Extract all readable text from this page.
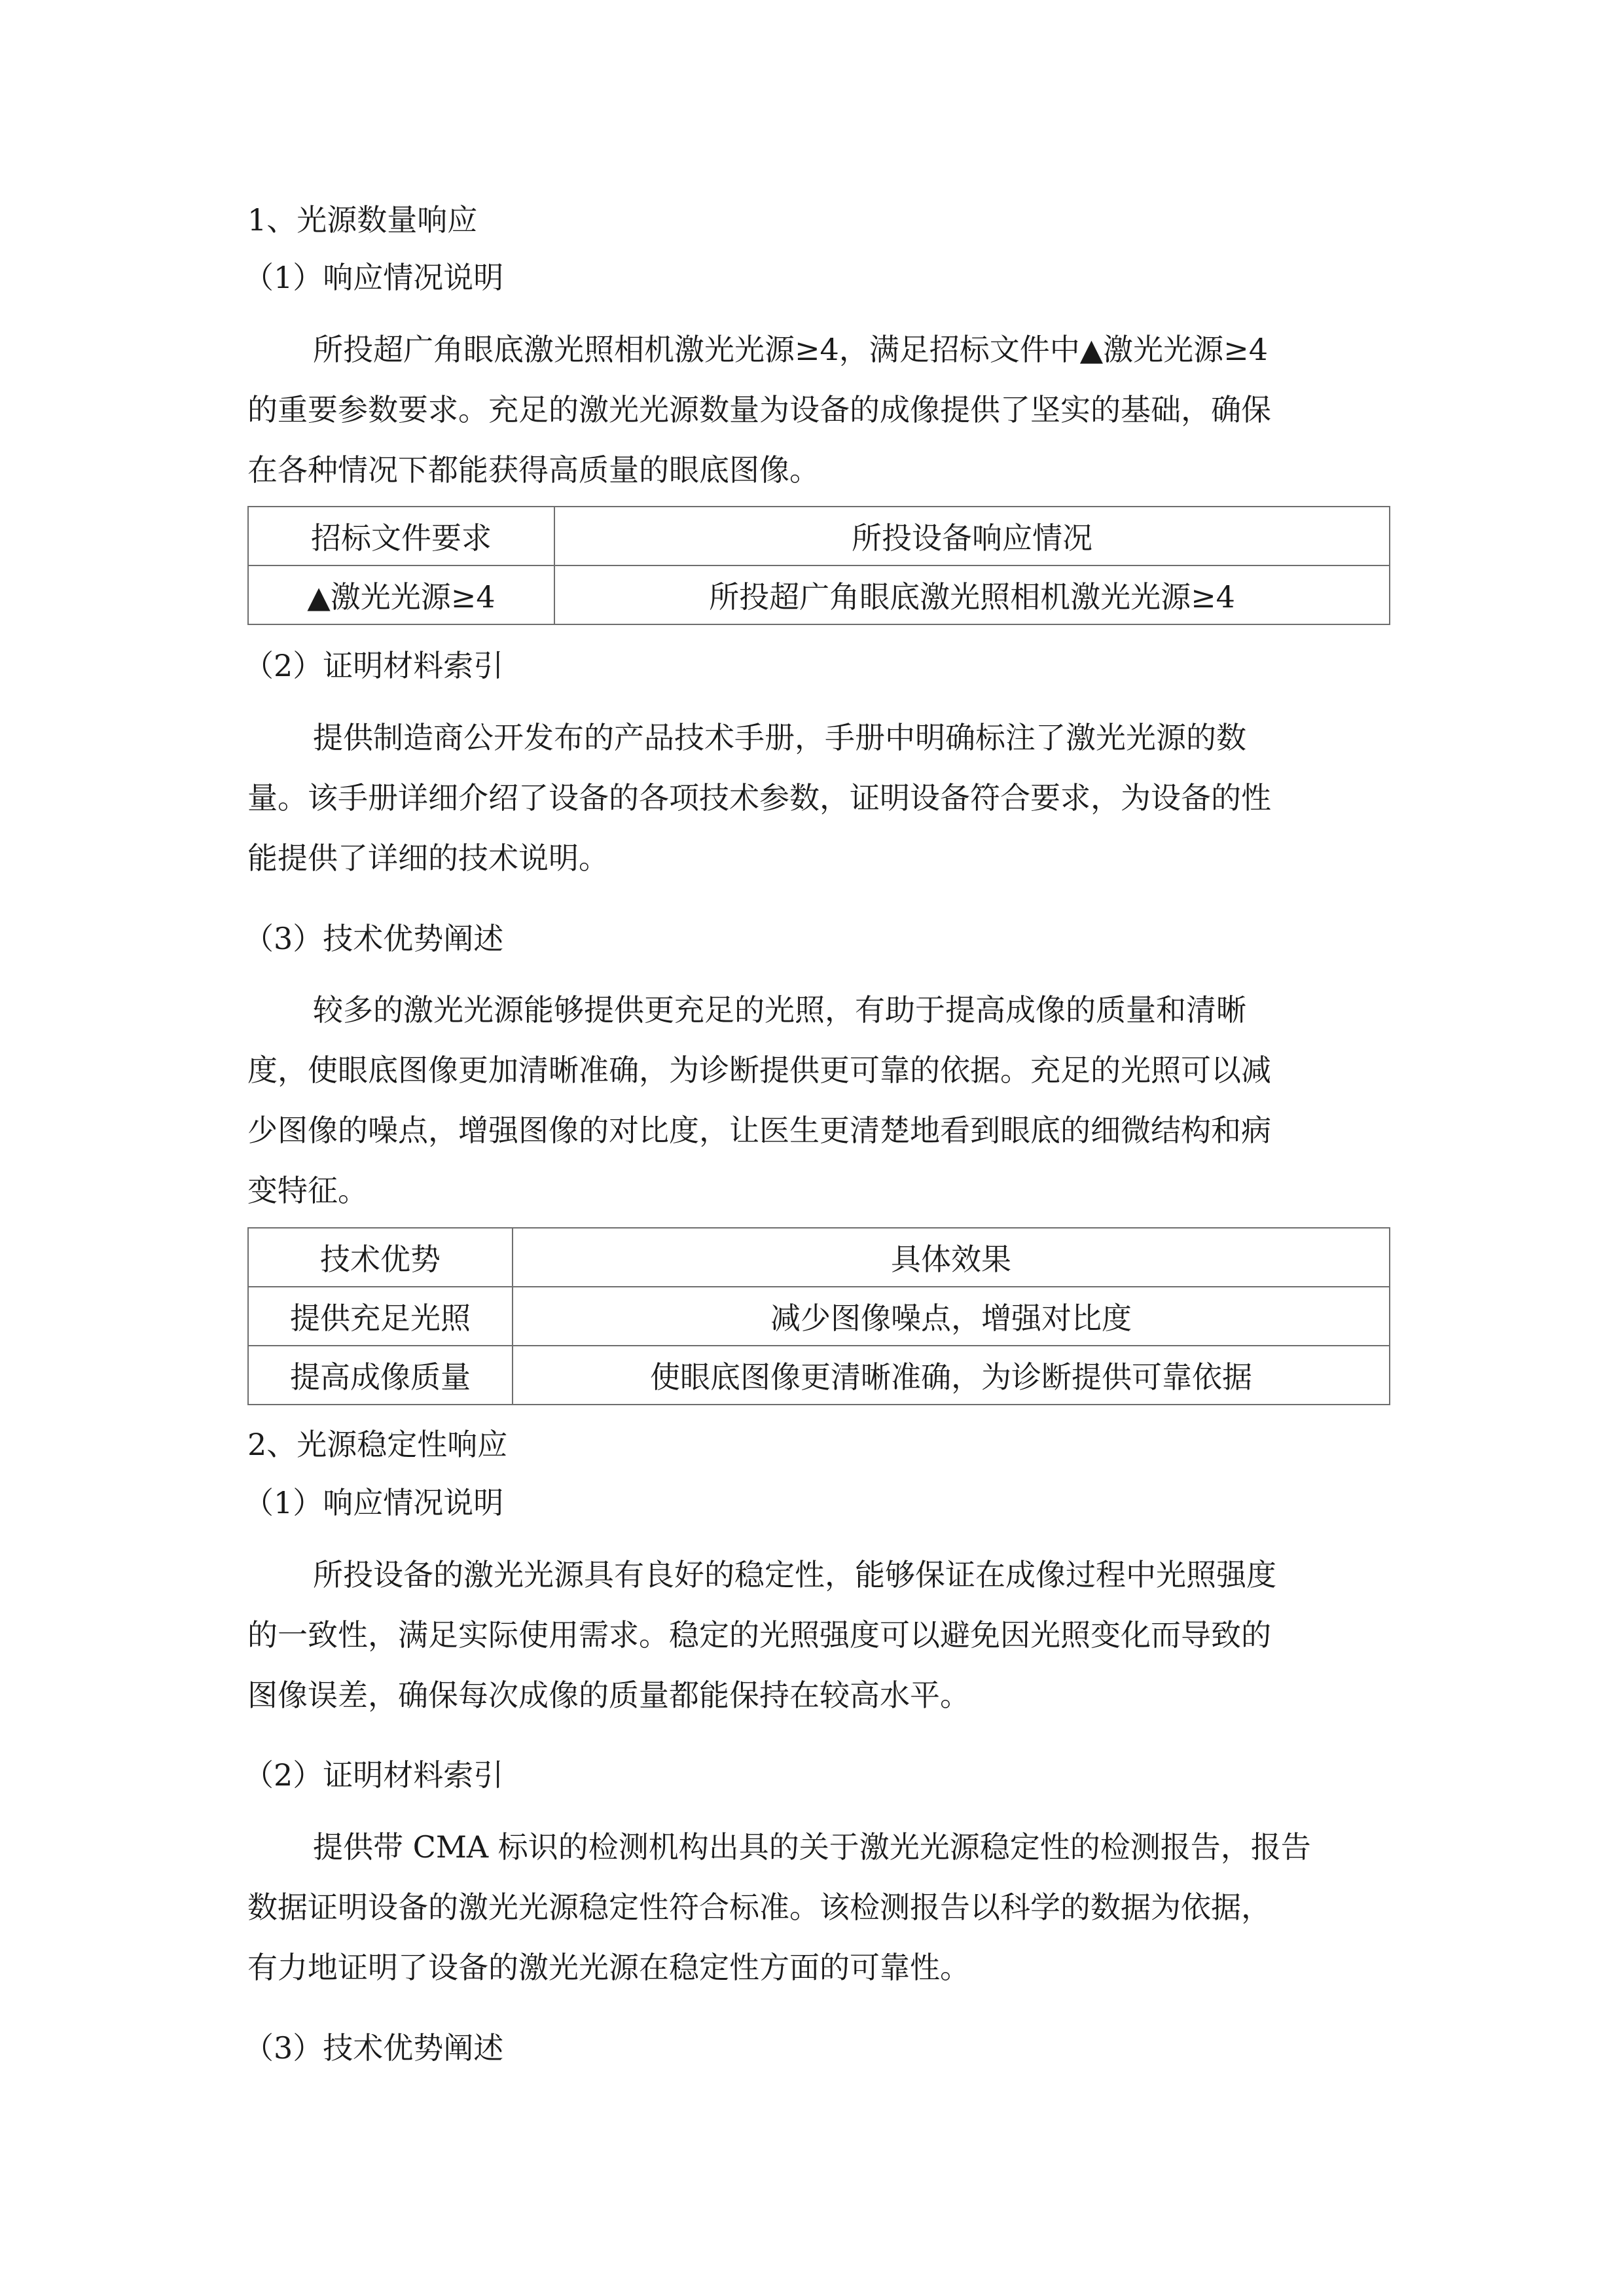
1、光源数量响应
（1）响应情况说明
所投超广角眼底激光照相机激光光源≥4，满足招标文件中▲激光光源≥4
的重要参数要求。充足的激光光源数量为设备的成像提供了坚实的基础，确保
在各种情况下都能获得高质量的眼底图像。
招标文件要求	所投设备响应情况
▲激光光源≥4	所投超广角眼底激光照相机激光光源≥4
（2）证明材料索引
提供制造商公开发布的产品技术手册，手册中明确标注了激光光源的数
量。该手册详细介绍了设备的各项技术参数，证明设备符合要求，为设备的性
能提供了详细的技术说明。
（3）技术优势阐述
较多的激光光源能够提供更充足的光照，有助于提高成像的质量和清晰
度，使眼底图像更加清晰准确，为诊断提供更可靠的依据。充足的光照可以减
少图像的噪点，增强图像的对比度，让医生更清楚地看到眼底的细微结构和病
变特征。
技术优势	具体效果
提供充足光照	减少图像噪点，增强对比度
提高成像质量	使眼底图像更清晰准确，为诊断提供可靠依据
2、光源稳定性响应
（1）响应情况说明
所投设备的激光光源具有良好的稳定性，能够保证在成像过程中光照强度
的一致性，满足实际使用需求。稳定的光照强度可以避免因光照变化而导致的
图像误差，确保每次成像的质量都能保持在较高水平。
（2）证明材料索引
提供带 CMA 标识的检测机构出具的关于激光光源稳定性的检测报告，报告
数据证明设备的激光光源稳定性符合标准。该检测报告以科学的数据为依据，
有力地证明了设备的激光光源在稳定性方面的可靠性。
（3）技术优势阐述
